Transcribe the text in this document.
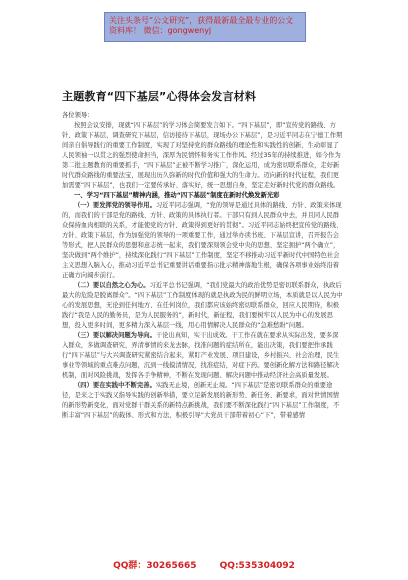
关注头条号“公文研究”，获得最新最全最专业的公文资料库！ 微信：gongwenyj
主题教育“四下基层”心得体会发言材料

各位领导：

按照会议安排，现就“四下基层”的学习体会简要发言如下。“四下基层”，即“宣传党的路线、方针、政策下基层，调查研究下基层，信访接待下基层，现场办公下基层”，是习近平同志在宁德工作期间亲自倡导践行的重要工作制度，实现了对坚持党的群众路线的理论性和实践性的创新，生动彰显了人民领袖一以贯之的强烈使命担当，深厚为民情怀和务实工作作风。经过35年的持续推进，如今作为第二批主题教育的重要抓手，“四下基层”正被不断学习推广，深化运用，成为密切联系群众，走好新时代群众路线的重要法宝，展现出历久弥新的时代价值和强大的生命力。迈向新的时代征程，我们更加需要“四下基层”，也我们一定要传承好、落实好，统一思想自身，坚定走好新时代党的群众路线。

一、学习“四下基层”精神内涵，推动“四下基层”制度在新时代焕发新光彩

（一）要发挥党的领导作用。习近平同志强调，“党的领导是通过具体的路线、方针、政策来体现的，而我们的干部是党的路线、方针、政策的具体执行者。干部只有到人民群众中去，并且同人民群众保持血肉相联的关系，才能使党的方针、政策得到更好的贯彻”。习近平同志始终把宣传党的路线、方针、政策下基层，作为加强党的领导的一项重要工作，通过举办读书班、下基层宣讲，召开报告会等形式，把人民群众的思想和意志统一起来，我们要深刻领会党中央的思想、坚定拥护“两个确立”，坚决做到“两个维护”，持续深化践行“四下基层”工作制度，坚定不移推动习近平新时代中国特色社会主义思想入脑入心，推动习近平总书记重要讲话重要指示批示精神落地生根，确保各项事业始终沿着正确方向阔步前行。

（二）要以自然之心为心。习近平总书记强调，“我们党最大的政治优势是密切联系群众，执政后最大的危险是脱离群众”。“四下基层”工作制度体现的就是执政为民的鲜明立场，本质就是以人民为中心的发展思想，无论到任何地方、在任何岗位，我们都应该始终密切联系群众，回应人民期待，积极践行“我是人民的勤务员，是为人民服务的”，新时代，新征程，我们要树牢以人民为中心的发展思想，投入更多时间，更多精力深入基层一线，用心用情解决人民群众的“急难愁盼”问题。

（三）要以解决问题为导向。干论出真知，实干出成效。干工作在就在要求从实际出发，要多深入群众，多做调查研究，弄清事情的来龙去脉，找准问题的症结所在，能出决策，我们要把作承践行“四下基层”与大兴调查研究紧密结合起来，紧盯产业发展、项目建设，乡村振兴、社会治理，民生事业等领域的重点难点问题，沉到一线摸清情况，找准症结，对症下药。要创新化解方法和路径解决机制，面对风险挑战，发挥各手争精神，不断在发现问题、解决问题中推动经济社会高质量发展。

（四）要在实践中不断完善。实践无止境，创新无止境。“四下基层”是密切联系群众的重要途径，是来之于实践又指导实践的创新举措，要立足新发展的新形势、新任务、新要求，面对世情国情的新形势新变化，面对党群干群关系的新特点新挑战，我们要不断深化践行“四下基层”工作制度，不断丰富“四下基层”的载体、形式和方法，积极引导“大党员干部带着初心“下”，带着感情

QQ群：30265665	QQ:535304092
